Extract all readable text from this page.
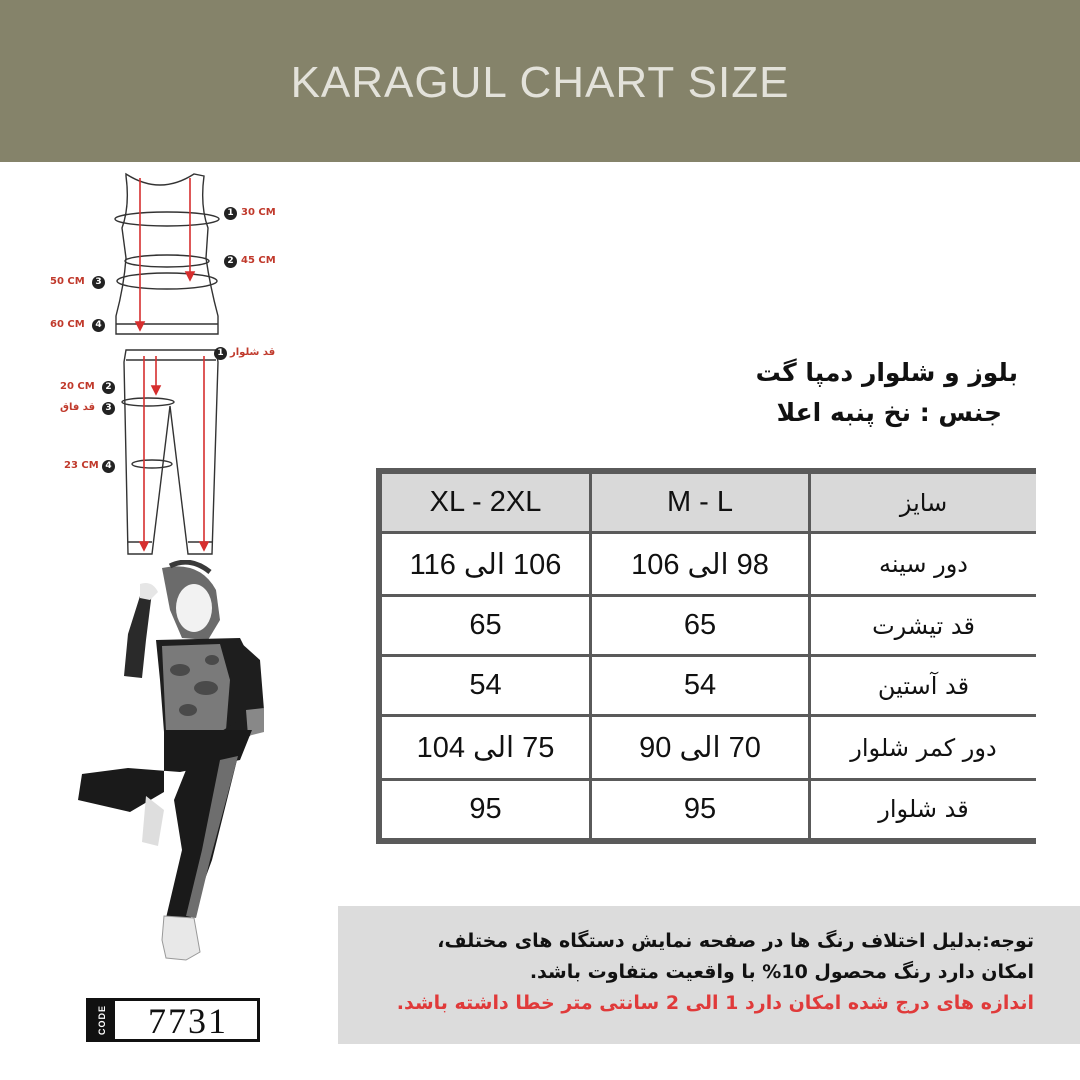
KARAGUL CHART SIZE
1 30 CM
2 45 CM
50 CM	3
60 CM	4
1 قد شلوار
20 CM	2
قد فاق	3
23 CM 4
CODE	7731
بلوز و شلوار دمپا گت
جنس : نخ پنبه اعلا
XL - 2XL	M - L	سایز
106 الی 116	98 الی 106	دور سینه
65	65	قد تیشرت
54	54	قد آستین
75 الی 104	70 الی 90	دور کمر شلوار
95	95	قد شلوار

توجه:بدلیل اختلاف رنگ ها در صفحه نمایش دستگاه های مختلف،

امکان دارد رنگ محصول 10% با واقعیت متفاوت باشد.

اندازه های درج شده امکان دارد 1 الی 2 سانتی متر خطا داشته باشد.
